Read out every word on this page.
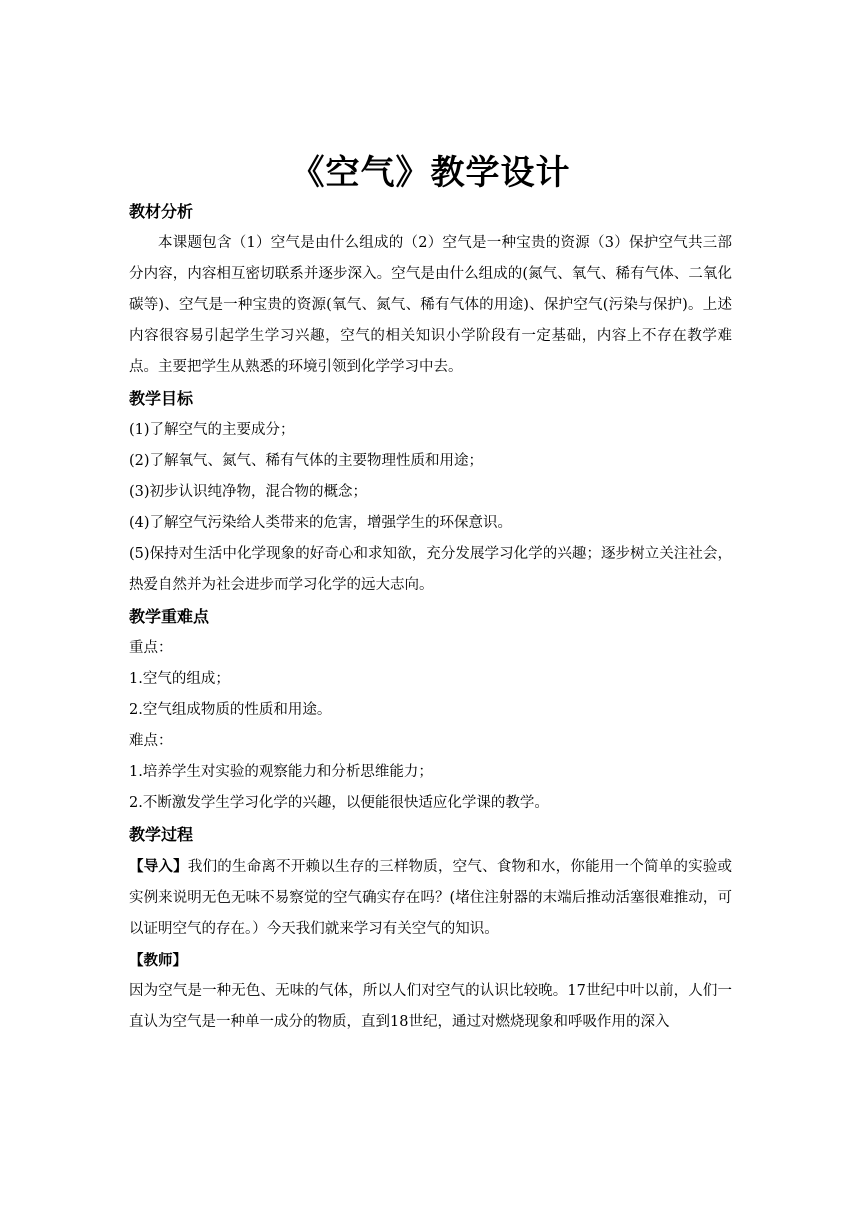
《空气》教学设计
教材分析

本课题包含（1）空气是由什么组成的（2）空气是一种宝贵的资源（3）保护空气共三部分内容，内容相互密切联系并逐步深入。空气是由什么组成的(氮气、氧气、稀有气体、二氧化碳等)、空气是一种宝贵的资源(氧气、氮气、稀有气体的用途)、保护空气(污染与保护)。上述内容很容易引起学生学习兴趣，空气的相关知识小学阶段有一定基础，内容上不存在教学难点。主要把学生从熟悉的环境引领到化学学习中去。

教学目标

(1)了解空气的主要成分；

(2)了解氧气、氮气、稀有气体的主要物理性质和用途；

(3)初步认识纯净物，混合物的概念；

(4)了解空气污染给人类带来的危害，增强学生的环保意识。

(5)保持对生活中化学现象的好奇心和求知欲，充分发展学习化学的兴趣；逐步树立关注社会，热爱自然并为社会进步而学习化学的远大志向。

教学重难点

重点：

1.空气的组成；

2.空气组成物质的性质和用途。

难点：

1.培养学生对实验的观察能力和分析思维能力；

2.不断激发学生学习化学的兴趣，以便能很快适应化学课的教学。

教学过程

【导入】我们的生命离不开赖以生存的三样物质，空气、食物和水，你能用一个简单的实验或实例来说明无色无味不易察觉的空气确实存在吗？(堵住注射器的末端后推动活塞很难推动，可以证明空气的存在。）今天我们就来学习有关空气的知识。

【教师】

因为空气是一种无色、无味的气体，所以人们对空气的认识比较晚。17世纪中叶以前，人们一直认为空气是一种单一成分的物质，直到18世纪，通过对燃烧现象和呼吸作用的深入
